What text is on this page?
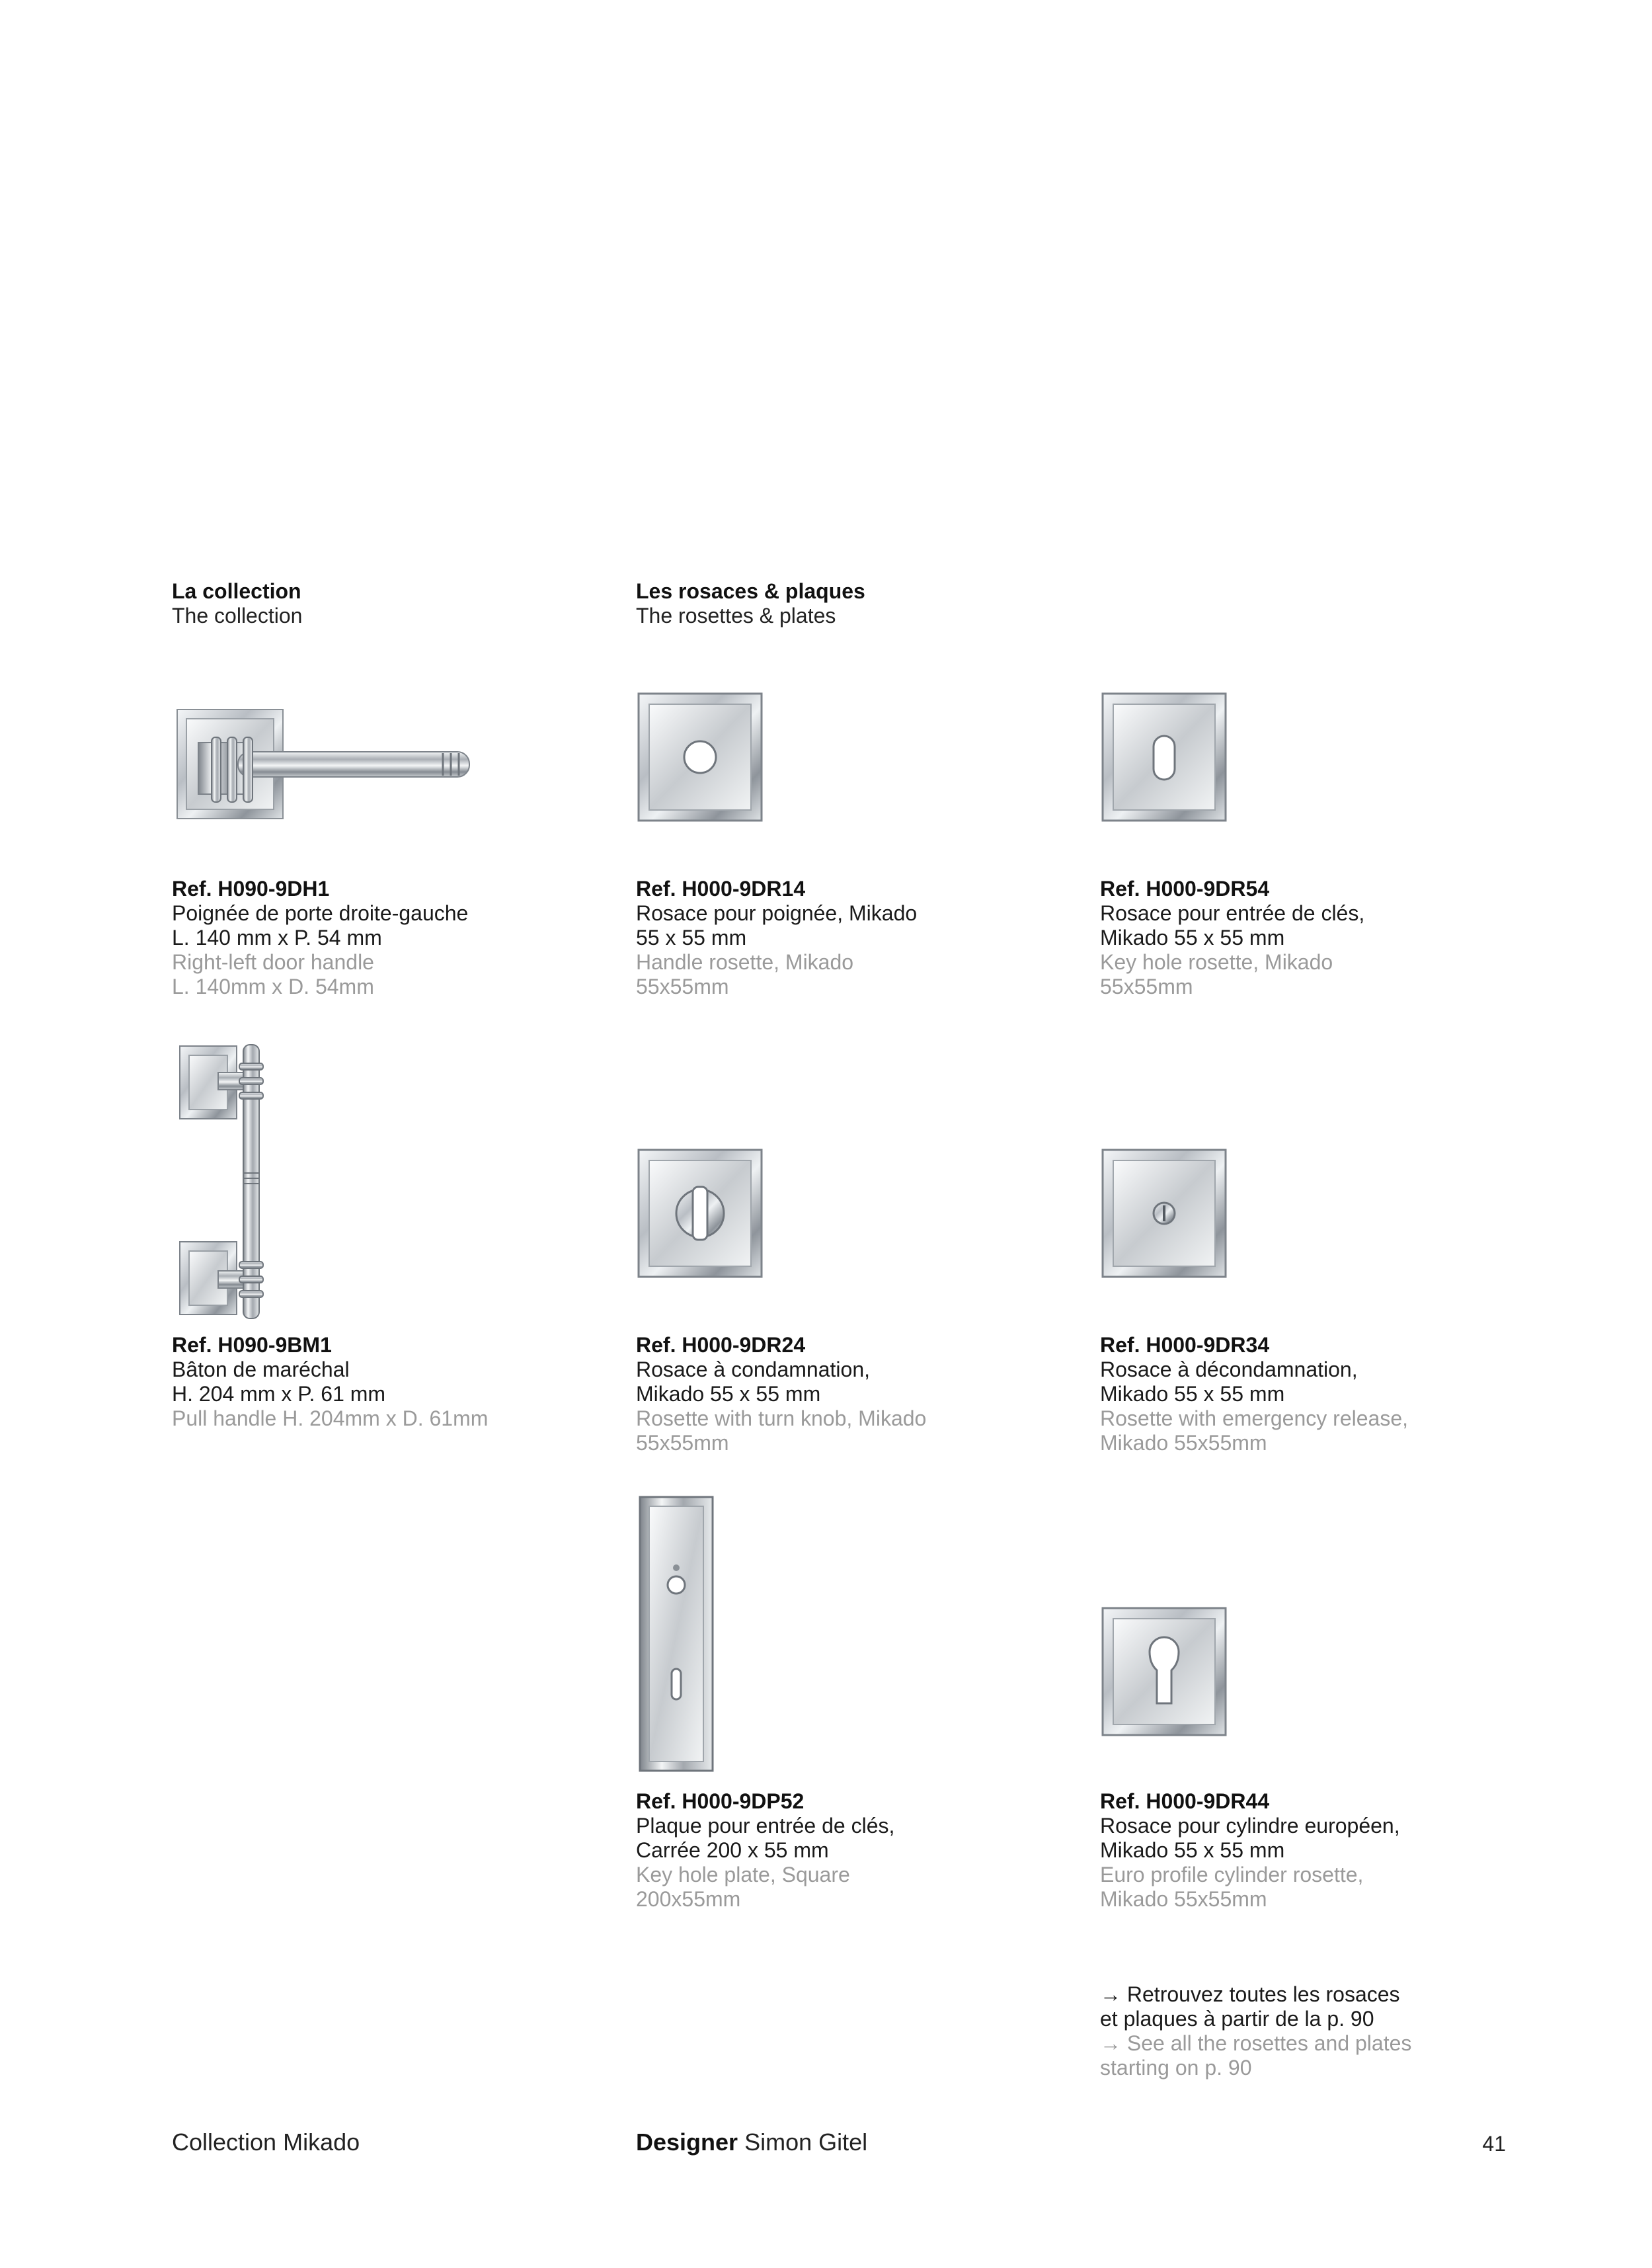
La collection
The collection
Les rosaces & plaques
The rosettes & plates
Ref. H090-9DH1
Poignée de porte droite-gauche
L. 140 mm x P. 54 mm
Right-left door handle
L. 140mm x D. 54mm
Ref. H000-9DR14
Rosace pour poignée, Mikado
55 x 55 mm
Handle rosette, Mikado
55x55mm
Ref. H000-9DR54
Rosace pour entrée de clés,
Mikado 55 x 55 mm
Key hole rosette, Mikado
55x55mm
Ref. H090-9BM1
Bâton de maréchal
H. 204 mm x P. 61 mm
Pull handle H. 204mm x D. 61mm
Ref. H000-9DR24
Rosace à condamnation,
Mikado 55 x 55 mm
Rosette with turn knob, Mikado
55x55mm
Ref. H000-9DR34
Rosace à décondamnation,
Mikado 55 x 55 mm
Rosette with emergency release,
Mikado 55x55mm
Ref. H000-9DP52
Plaque pour entrée de clés,
Carrée 200 x 55 mm
Key hole plate, Square
200x55mm
Ref. H000-9DR44
Rosace pour cylindre européen,
Mikado 55 x 55 mm
Euro profile cylinder rosette,
Mikado 55x55mm
→ Retrouvez toutes les rosaces
et plaques à partir de la p. 90
→ See all the rosettes and plates
starting on p. 90
Collection Mikado	Designer Simon Gitel	41
